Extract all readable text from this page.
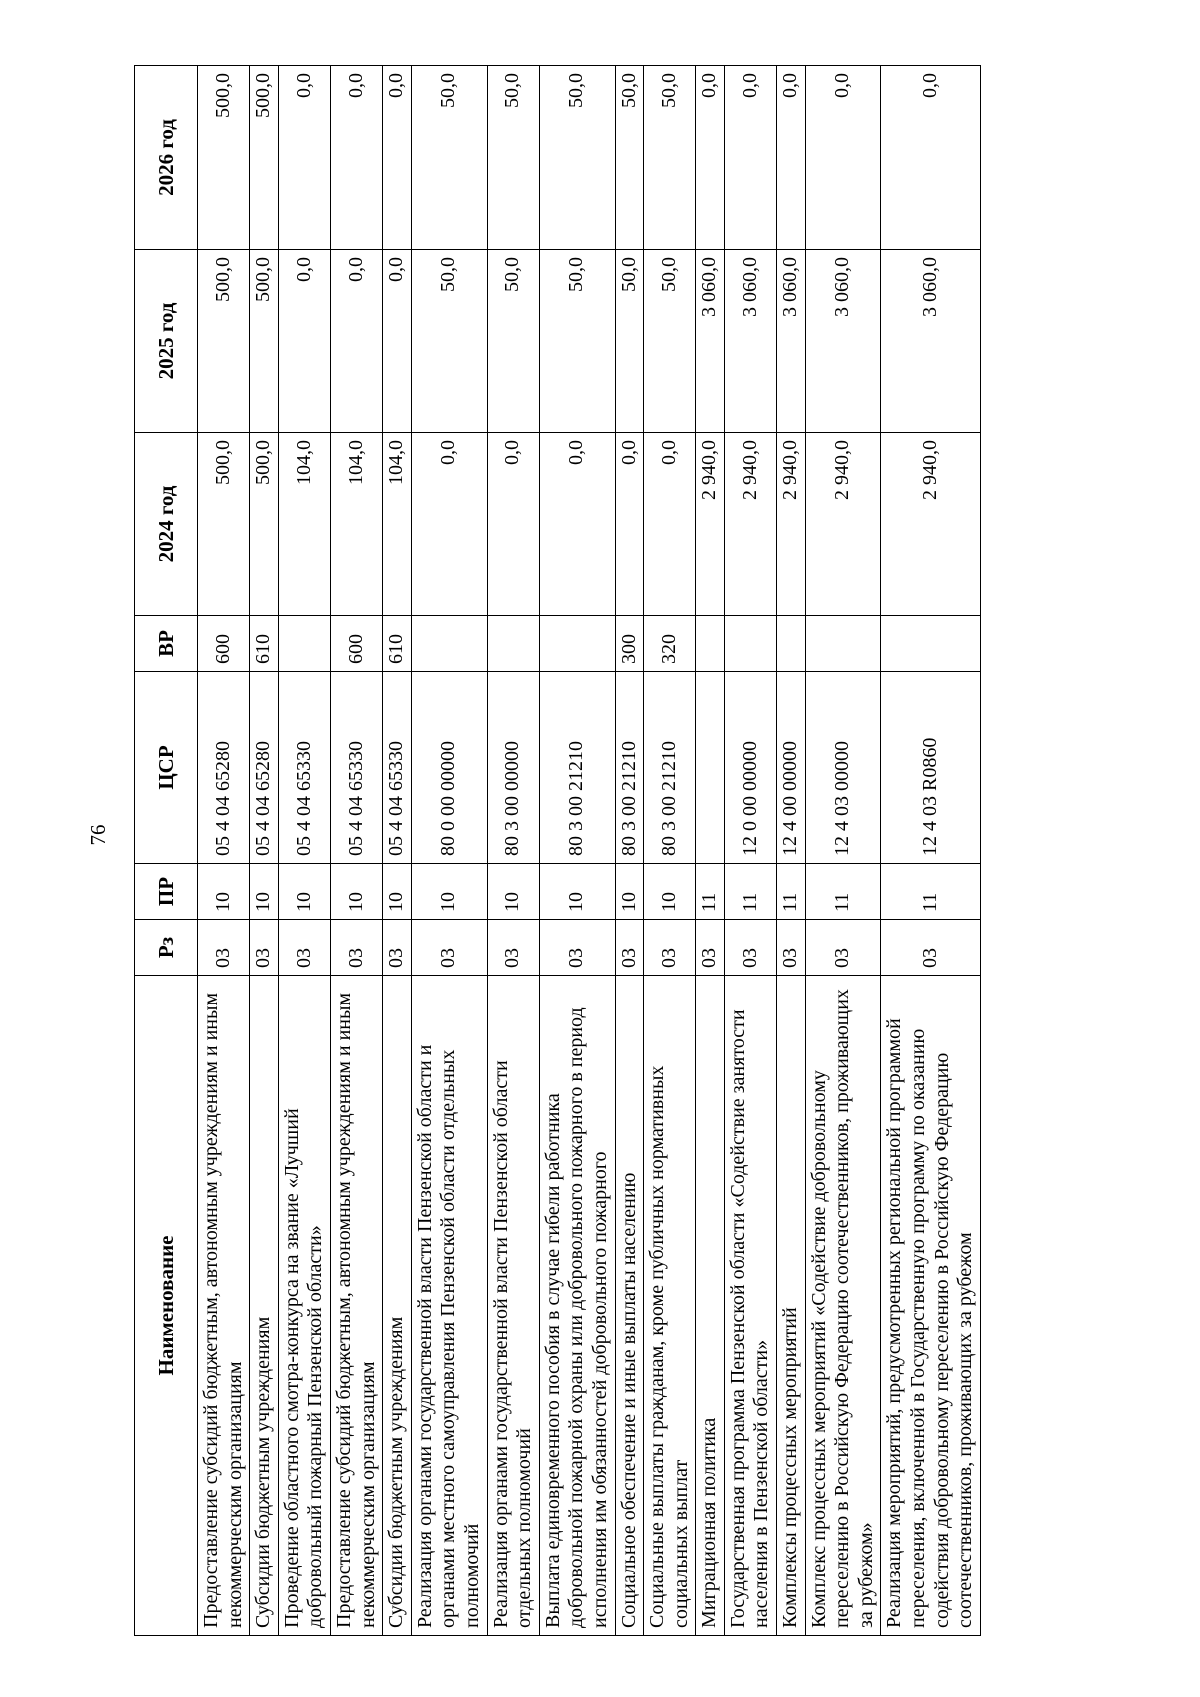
76
Наименование	Рз	ПР	ЦСР	ВР	2024 год	2025 год	2026 год
Предоставление субсидий бюджетным, автономным учреждениям и иным некоммерческим организациям	03	10	05 4 04 65280	600	500,0	500,0	500,0
Субсидии бюджетным учреждениям	03	10	05 4 04 65280	610	500,0	500,0	500,0
Проведение областного смотра-конкурса на звание «Лучший добровольный пожарный Пензенской области»	03	10	05 4 04 65330		104,0	0,0	0,0
Предоставление субсидий бюджетным, автономным учреждениям и иным некоммерческим организациям	03	10	05 4 04 65330	600	104,0	0,0	0,0
Субсидии бюджетным учреждениям	03	10	05 4 04 65330	610	104,0	0,0	0,0
Реализация органами государственной власти Пензенской области и органами местного самоуправления Пензенской области отдельных полномочий	03	10	80 0 00 00000		0,0	50,0	50,0
Реализация органами государственной власти Пензенской области отдельных полномочий	03	10	80 3 00 00000		0,0	50,0	50,0
Выплата единовременного пособия в случае гибели работника добровольной пожарной охраны или добровольного пожарного в период исполнения им обязанностей добровольного пожарного	03	10	80 3 00 21210		0,0	50,0	50,0
Социальное обеспечение и иные выплаты населению	03	10	80 3 00 21210	300	0,0	50,0	50,0
Социальные выплаты гражданам, кроме публичных нормативных социальных выплат	03	10	80 3 00 21210	320	0,0	50,0	50,0
Миграционная политика	03	11			2 940,0	3 060,0	0,0
Государственная программа Пензенской области «Содействие занятости населения в Пензенской области»	03	11	12 0 00 00000		2 940,0	3 060,0	0,0
Комплексы процессных мероприятий	03	11	12 4 00 00000		2 940,0	3 060,0	0,0
Комплекс процессных мероприятий «Содействие добровольному переселению в Российскую Федерацию соотечественников, проживающих за рубежом»	03	11	12 4 03 00000		2 940,0	3 060,0	0,0
Реализация мероприятий, предусмотренных региональной программой переселения, включенной в Государственную программу по оказанию содействия добровольному переселению в Российскую Федерацию соотечественников, проживающих за рубежом	03	11	12 4 03 R0860		2 940,0	3 060,0	0,0
